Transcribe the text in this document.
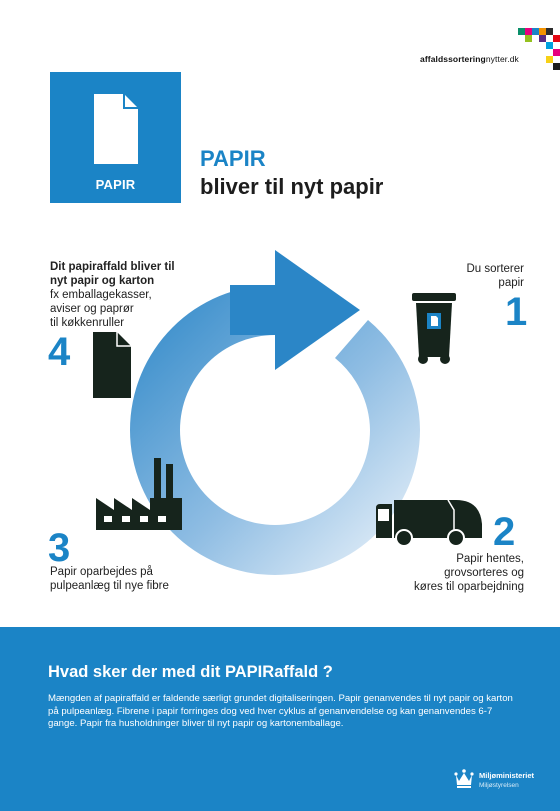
affaldssorteringnytter.dk
PAPIR
PAPIR
bliver til nyt papir
Dit papiraffald bliver til
nyt papir og karton
fx emballagekasser,
aviser og paprør
til køkkenruller
4
Du sorterer
papir
1
2
Papir hentes,
grovsorteres og
køres til oparbejdning
3
Papir oparbejdes på
pulpeanlæg til nye fibre
Hvad sker der med dit PAPIRaffald ?
Mængden af papiraffald er faldende særligt grundet digitaliseringen. Papir genanvendes til nyt papir og karton på pulpeanlæg. Fibrene i papir forringes dog ved hver cyklus af genanvendelse og kan genanvendes 6-7 gange. Papir fra husholdninger bliver til nyt papir og kartonemballage.
Miljøministeriet
Miljøstyrelsen
